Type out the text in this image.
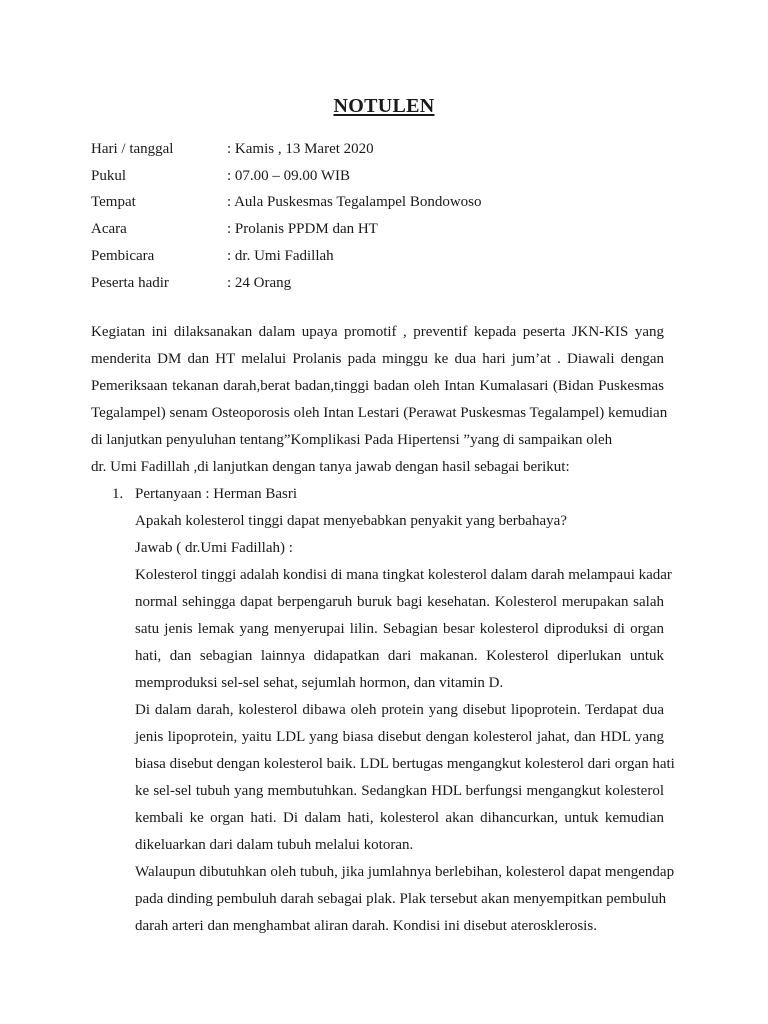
NOTULEN
Hari / tanggal	: Kamis , 13 Maret 2020
Pukul	: 07.00 – 09.00 WIB
Tempat	: Aula Puskesmas Tegalampel Bondowoso
Acara	: Prolanis PPDM dan HT
Pembicara	: dr. Umi Fadillah
Peserta hadir	: 24 Orang
Kegiatan ini dilaksanakan dalam upaya promotif , preventif kepada peserta JKN-KIS yang
menderita DM dan HT melalui Prolanis pada minggu ke dua hari jum’at . Diawali dengan
Pemeriksaan tekanan darah,berat badan,tinggi badan oleh Intan Kumalasari (Bidan Puskesmas
Tegalampel) senam Osteoporosis oleh Intan Lestari (Perawat Puskesmas Tegalampel) kemudian
di lanjutkan penyuluhan tentang”Komplikasi Pada Hipertensi ”yang di sampaikan oleh
dr. Umi Fadillah ,di lanjutkan dengan tanya jawab dengan hasil sebagai berikut:
1. Pertanyaan : Herman Basri
Apakah kolesterol tinggi dapat menyebabkan penyakit yang berbahaya?
Jawab ( dr.Umi Fadillah) :
Kolesterol tinggi adalah kondisi di mana tingkat kolesterol dalam darah melampaui kadar
normal sehingga dapat berpengaruh buruk bagi kesehatan. Kolesterol merupakan salah
satu jenis lemak yang menyerupai lilin. Sebagian besar kolesterol diproduksi di organ
hati, dan sebagian lainnya didapatkan dari makanan. Kolesterol diperlukan untuk
memproduksi sel-sel sehat, sejumlah hormon, dan vitamin D.
Di dalam darah, kolesterol dibawa oleh protein yang disebut lipoprotein. Terdapat dua
jenis lipoprotein, yaitu LDL yang biasa disebut dengan kolesterol jahat, dan HDL yang
biasa disebut dengan kolesterol baik. LDL bertugas mengangkut kolesterol dari organ hati
ke sel-sel tubuh yang membutuhkan. Sedangkan HDL berfungsi mengangkut kolesterol
kembali ke organ hati. Di dalam hati, kolesterol akan dihancurkan, untuk kemudian
dikeluarkan dari dalam tubuh melalui kotoran.
Walaupun dibutuhkan oleh tubuh, jika jumlahnya berlebihan, kolesterol dapat mengendap
pada dinding pembuluh darah sebagai plak. Plak tersebut akan menyempitkan pembuluh
darah arteri dan menghambat aliran darah. Kondisi ini disebut aterosklerosis.
